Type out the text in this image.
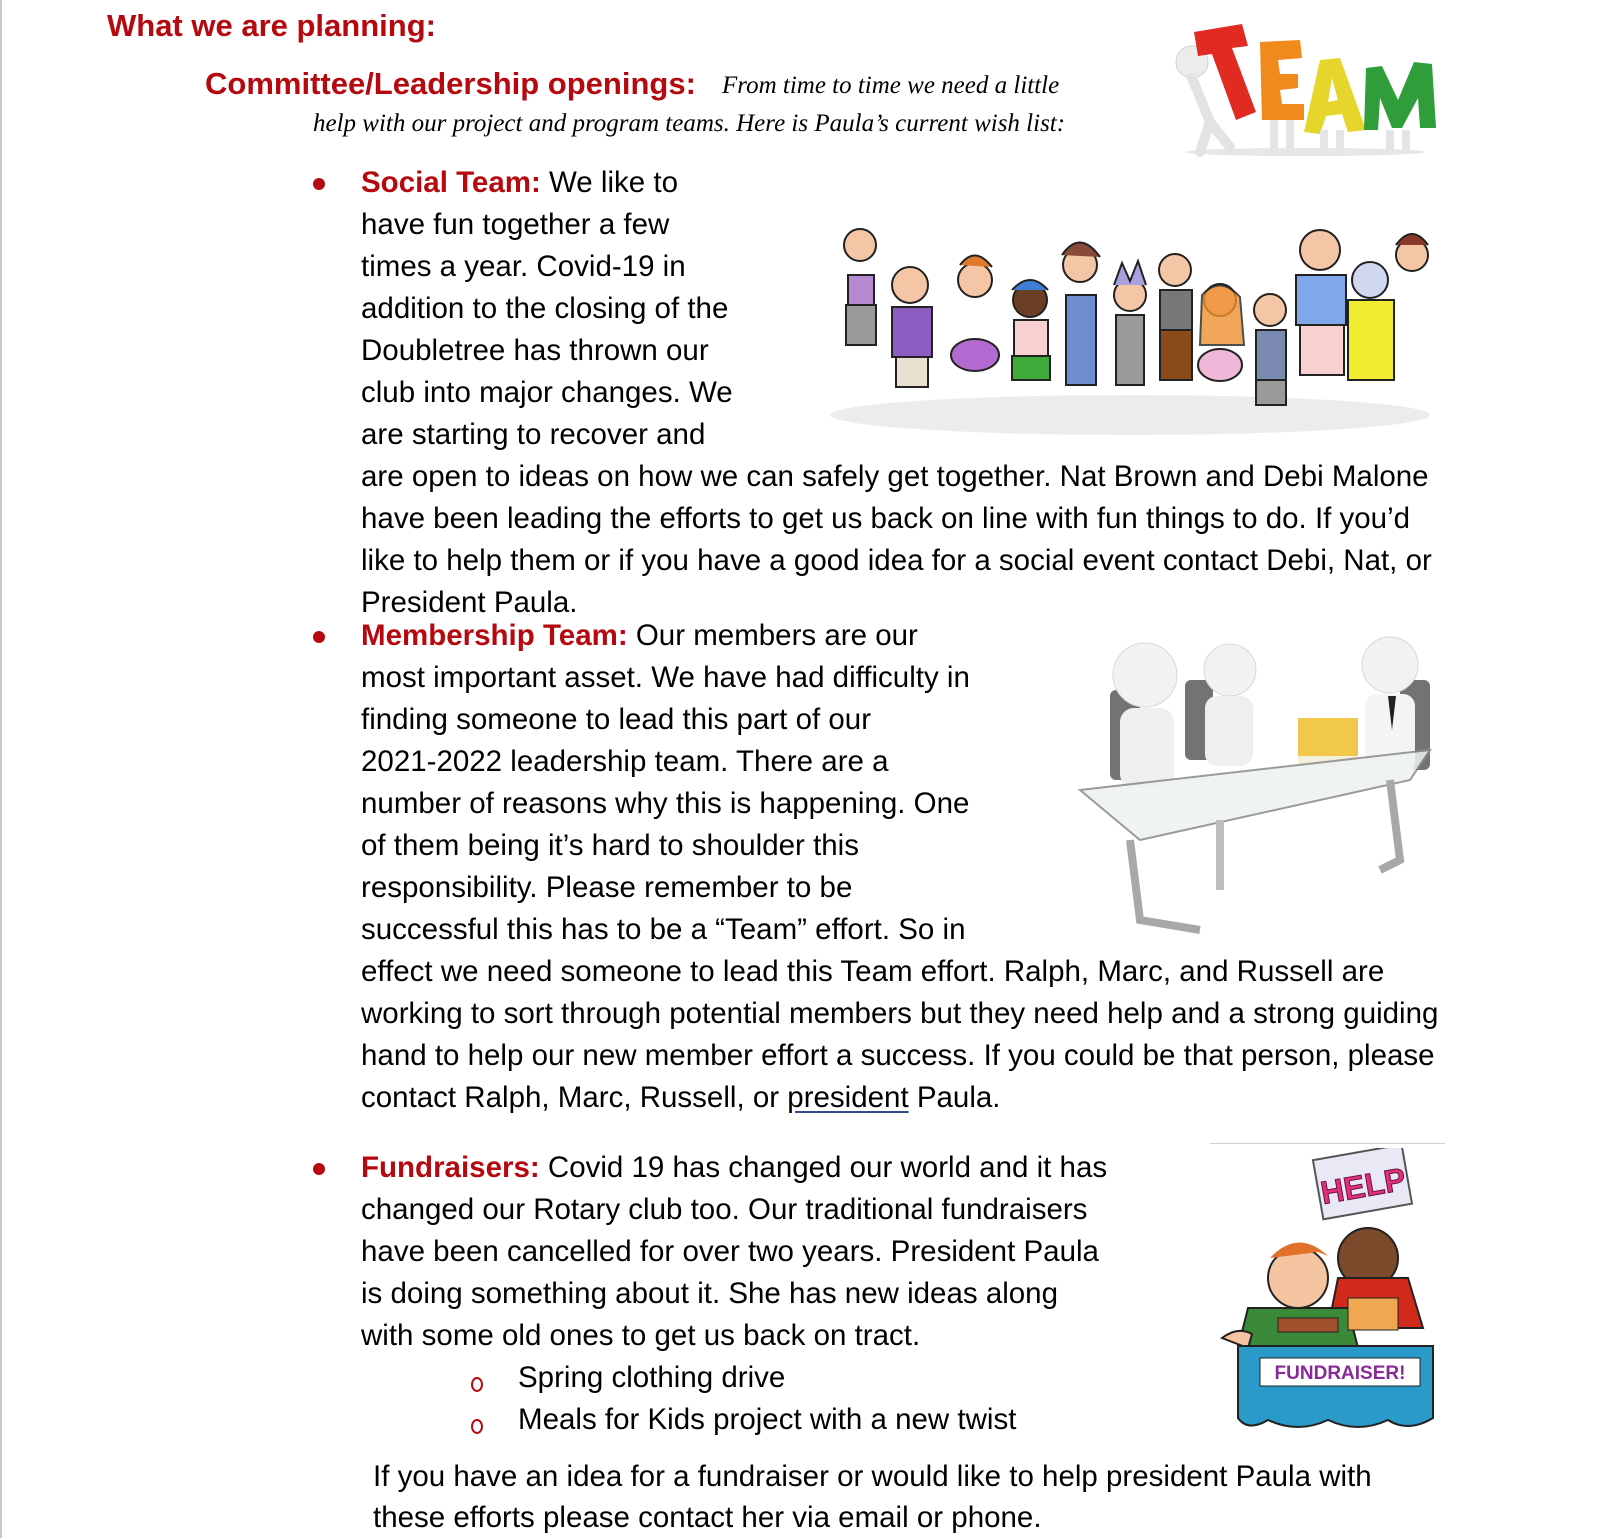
What we are planning:
Committee/Leadership openings: From time to time we need a little
help with our project and program teams. Here is Paula’s current wish list:
Social Team: We like to
have fun together a few
times a year. Covid-19 in
addition to the closing of the
Doubletree has thrown our
club into major changes. We
are starting to recover and
are open to ideas on how we can safely get together. Nat Brown and Debi Malone
have been leading the efforts to get us back on line with fun things to do. If you’d
like to help them or if you have a good idea for a social event contact Debi, Nat, or
President Paula.
Membership Team: Our members are our
most important asset. We have had difficulty in
finding someone to lead this part of our
2021-2022 leadership team. There are a
number of reasons why this is happening. One
of them being it’s hard to shoulder this
responsibility. Please remember to be
successful this has to be a “Team” effort. So in
effect we need someone to lead this Team effort. Ralph, Marc, and Russell are
working to sort through potential members but they need help and a strong guiding
hand to help our new member effort a success. If you could be that person, please
contact Ralph, Marc, Russell, or president Paula.
Fundraisers: Covid 19 has changed our world and it has
changed our Rotary club too. Our traditional fundraisers
have been cancelled for over two years. President Paula
is doing something about it. She has new ideas along
with some old ones to get us back on tract.
Spring clothing drive
Meals for Kids project with a new twist
If you have an idea for a fundraiser or would like to help president Paula with
these efforts please contact her via email or phone.
HELP
FUNDRAISER!
